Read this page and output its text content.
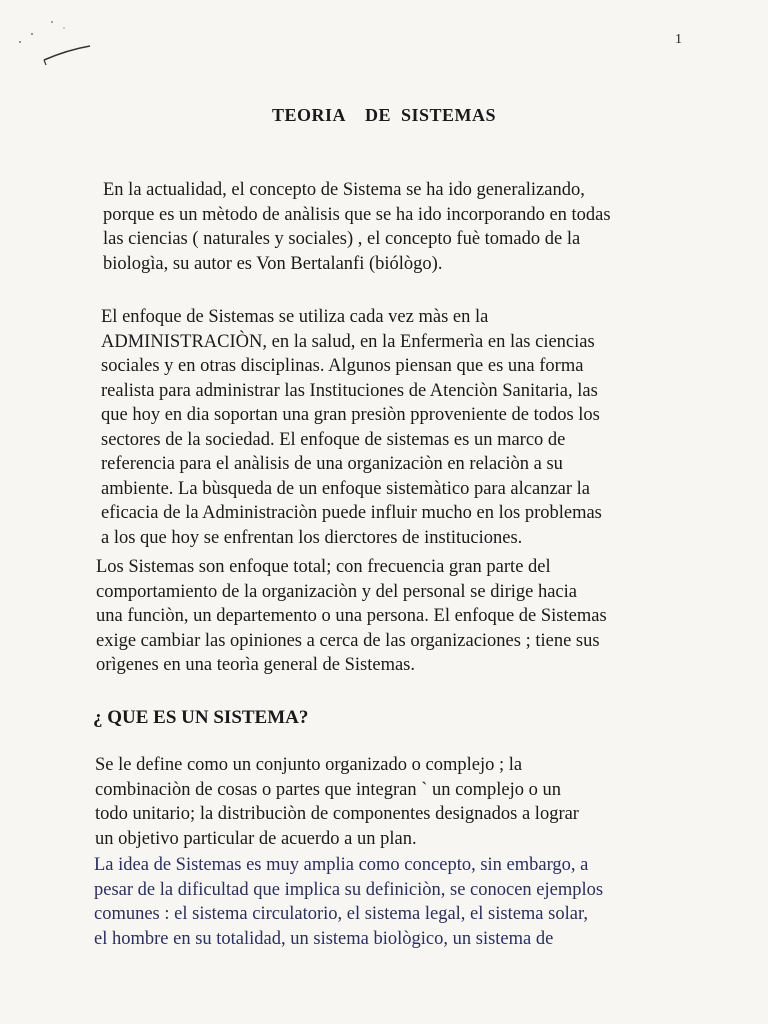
1
TEORIA    DE  SISTEMAS
En la actualidad, el concepto de Sistema se ha ido generalizando,
porque es un mètodo de anàlisis que se ha ido incorporando en todas
las ciencias ( naturales y sociales) , el concepto fuè tomado de la
biologìa, su autor es Von Bertalanfi (biólògo).
El enfoque de Sistemas se utiliza cada vez màs en la
ADMINISTRACIÒN, en la salud, en la Enfermerìa en las ciencias
sociales y en otras disciplinas. Algunos piensan que es una forma
realista para administrar las Instituciones de Atenciòn Sanitaria, las
que hoy en dia soportan una gran presiòn pproveniente de todos los
sectores de la sociedad. El enfoque de sistemas es un marco de
referencia para el anàlisis de una organizaciòn en relaciòn a su
ambiente. La bùsqueda de un enfoque sistemàtico para alcanzar la
eficacia de la Administraciòn puede influir mucho en los problemas
a los que hoy se enfrentan los dierctores de instituciones.
Los Sistemas son enfoque total; con frecuencia gran parte del
comportamiento de la organizaciòn y del personal se dirige hacia
una funciòn, un departemento o una persona. El enfoque de Sistemas
exige cambiar las opiniones a cerca de las organizaciones ; tiene sus
orìgenes en una teorìa general de Sistemas.
¿ QUE ES UN SISTEMA?
Se le define como un conjunto organizado o complejo ; la
combinaciòn de cosas o partes que integran ` un complejo o un
todo unitario; la distribuciòn de componentes designados a lograr
un objetivo particular de acuerdo a un plan.
La idea de Sistemas es muy amplia como concepto, sin embargo, a
pesar de la dificultad que implica su definiciòn, se conocen ejemplos
comunes : el sistema circulatorio, el sistema legal, el sistema solar,
el hombre en su totalidad, un sistema biològico, un sistema de
